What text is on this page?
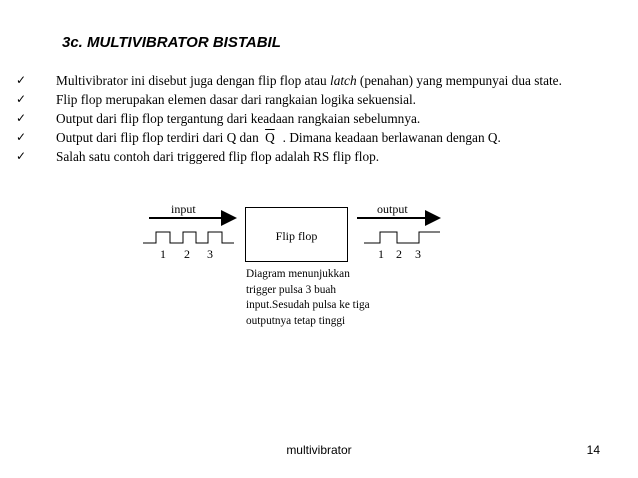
3c. MULTIVIBRATOR BISTABIL
✓ Multivibrator ini disebut juga dengan flip flop atau latch (penahan) yang mempunyai dua state.
✓ Flip flop merupakan elemen dasar dari rangkaian logika sekuensial.
✓ Output dari flip flop tergantung dari keadaan rangkaian sebelumnya.
✓ Output dari flip flop terdiri dari Q dan $\overline{Q}$ . Dimana keadaan berlawanan dengan Q.
✓ Salah satu contoh dari triggered flip flop adalah RS flip flop.
input	output
Flip flop
1 2 3	1 2 3
Diagram menunjukkan
trigger pulsa 3 buah
input.Sesudah pulsa ke tiga
outputnya tetap tinggi
multivibrator	14
